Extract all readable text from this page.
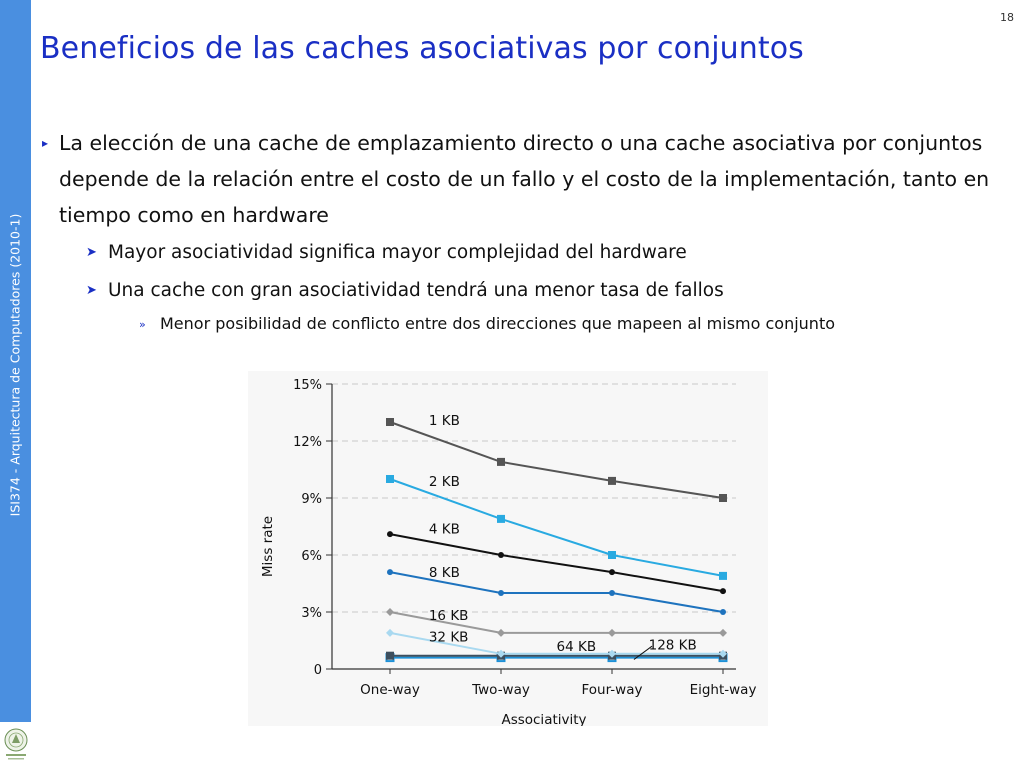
ISI374 - Arquitectura de Computadores (2010-1)
18
Beneficios de las caches asociativas por conjuntos
▸ La elección de una cache de emplazamiento directo o una cache asociativa por conjuntos depende de la relación entre el costo de un fallo y el costo de la implementación, tanto en tiempo como en hardware
➤ Mayor asociatividad significa mayor complejidad del hardware
➤ Una cache con gran asociatividad tendrá una menor tasa de fallos
» Menor posibilidad de conflicto entre dos direcciones que mapeen al mismo conjunto
0
3%
6%
9%
12%
15%
One-way	Two-way	Four-way	Eight-way
Associativity
Miss rate
1 KB
2 KB
4 KB
8 KB
16 KB
32 KB
64 KB	128 KB
